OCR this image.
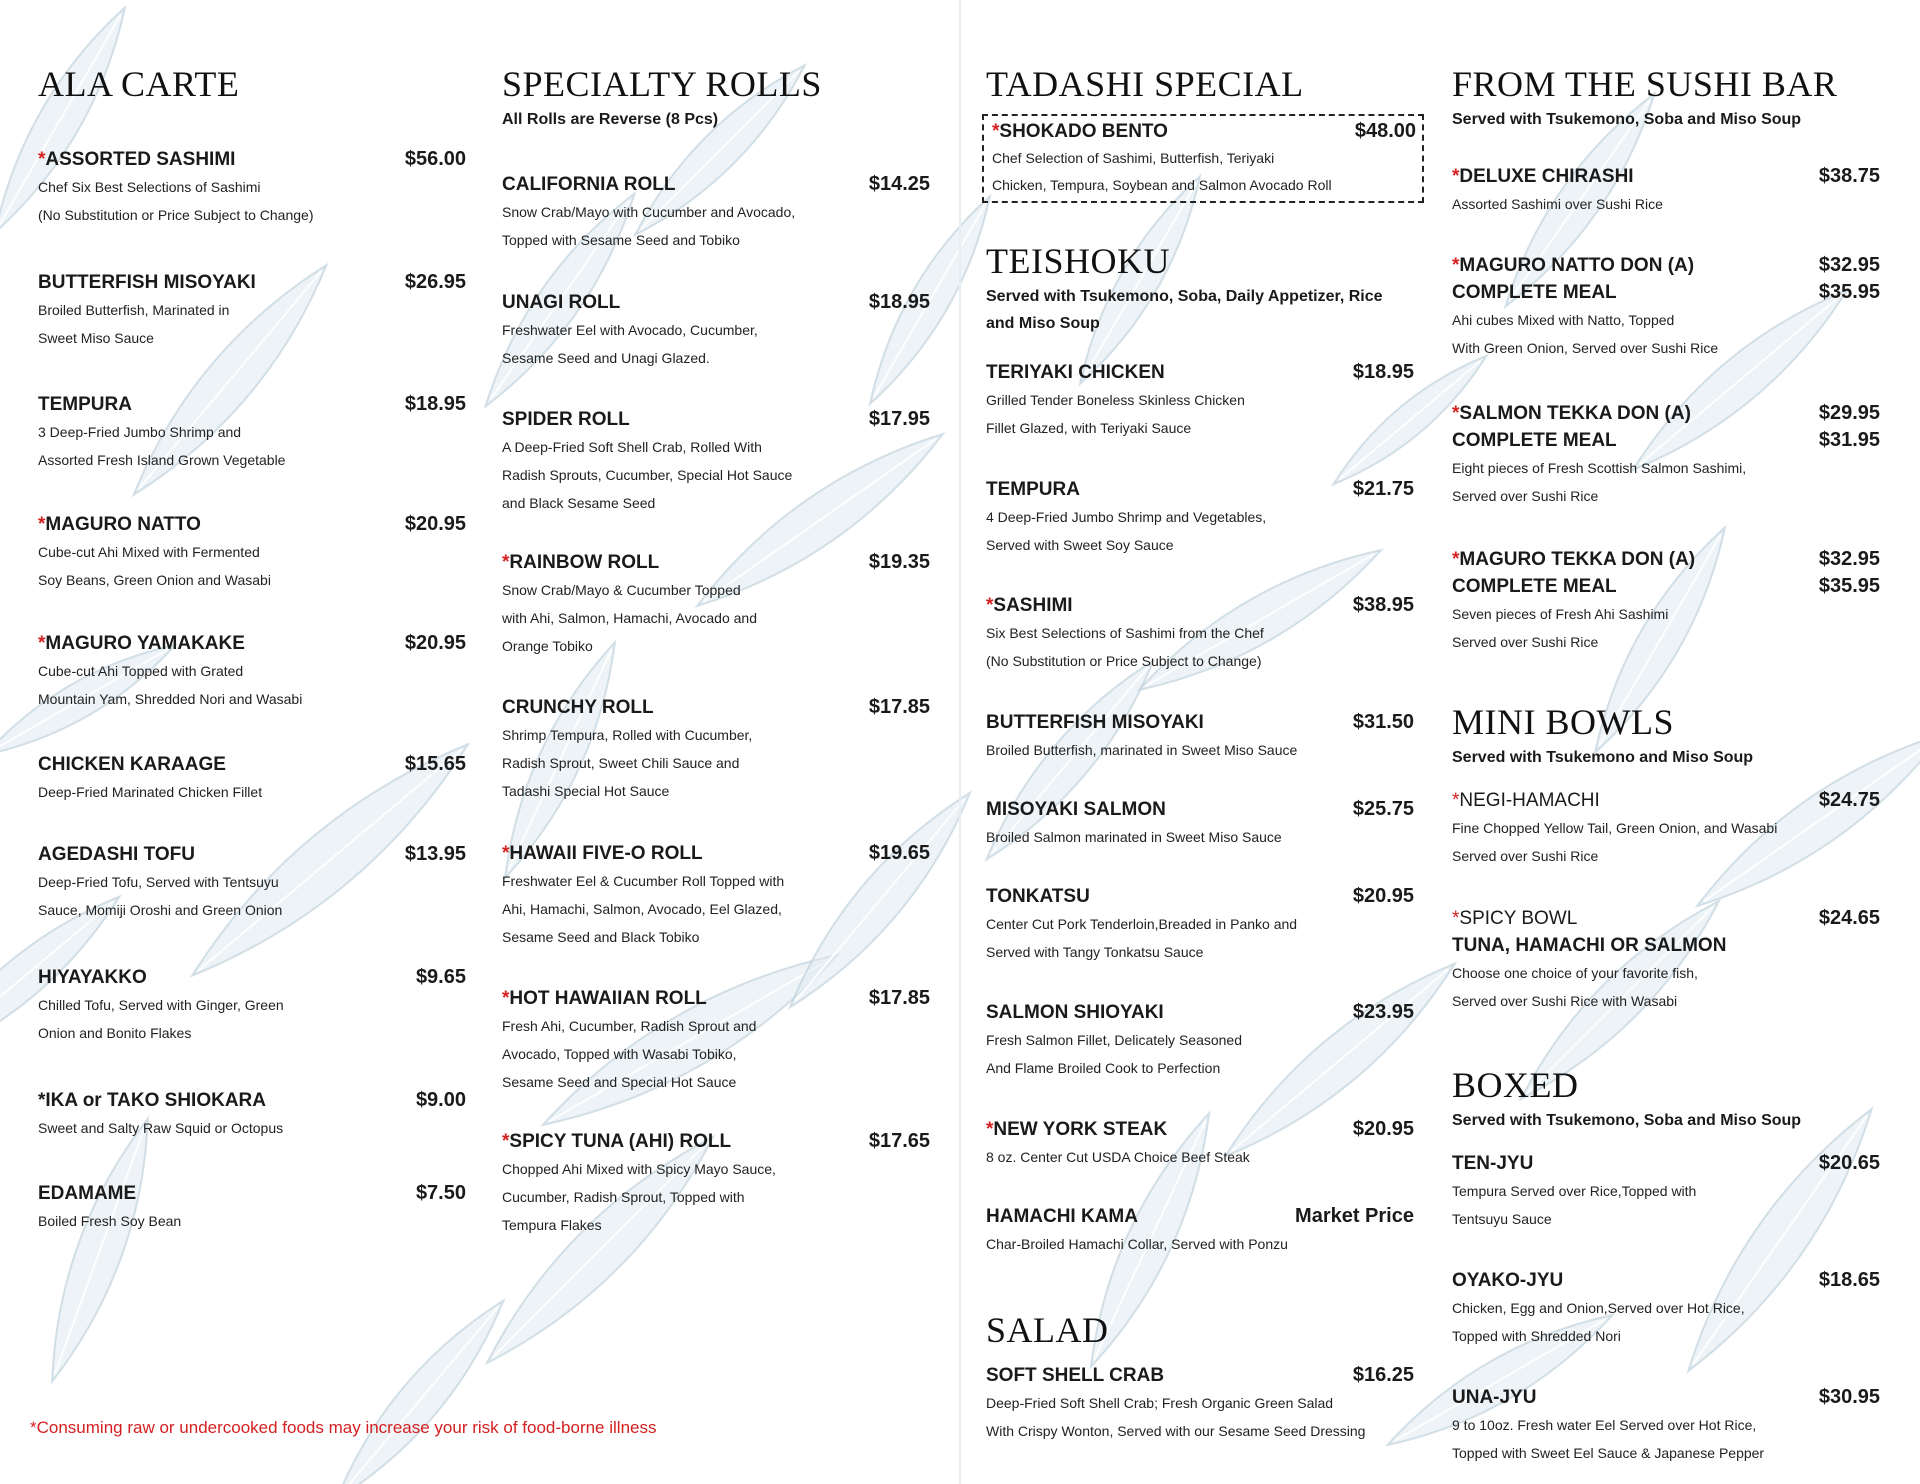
ALA CARTE
*ASSORTED SASHIMI	$56.00
Chef Six Best Selections of Sashimi
(No Substitution or Price Subject to Change)
BUTTERFISH MISOYAKI	$26.95
Broiled Butterfish, Marinated in
Sweet Miso Sauce
TEMPURA	$18.95
3 Deep-Fried Jumbo Shrimp and
Assorted Fresh Island Grown Vegetable
*MAGURO NATTO	$20.95
Cube-cut Ahi Mixed with Fermented
Soy Beans, Green Onion and Wasabi
*MAGURO YAMAKAKE	$20.95
Cube-cut Ahi Topped with Grated
Mountain Yam, Shredded Nori and Wasabi
CHICKEN KARAAGE	$15.65
Deep-Fried Marinated Chicken Fillet
AGEDASHI TOFU	$13.95
Deep-Fried Tofu, Served with Tentsuyu
Sauce, Momiji Oroshi and Green Onion
HIYAYAKKO	$9.65
Chilled Tofu, Served with Ginger, Green
Onion and Bonito Flakes
*IKA or TAKO SHIOKARA	$9.00
Sweet and Salty Raw Squid or Octopus
EDAMAME	$7.50
Boiled Fresh Soy Bean
SPECIALTY ROLLS
All Rolls are Reverse (8 Pcs)
CALIFORNIA ROLL	$14.25
Snow Crab/Mayo with Cucumber and Avocado,
Topped with Sesame Seed and Tobiko
UNAGI ROLL	$18.95
Freshwater Eel with Avocado, Cucumber,
Sesame Seed and Unagi Glazed.
SPIDER ROLL	$17.95
A Deep-Fried Soft Shell Crab, Rolled With
Radish Sprouts, Cucumber, Special Hot Sauce
and Black Sesame Seed
*RAINBOW ROLL	$19.35
Snow Crab/Mayo & Cucumber Topped
with Ahi, Salmon, Hamachi, Avocado and
Orange Tobiko
CRUNCHY ROLL	$17.85
Shrimp Tempura, Rolled with Cucumber,
Radish Sprout, Sweet Chili Sauce and
Tadashi Special Hot Sauce
*HAWAII FIVE-O ROLL	$19.65
Freshwater Eel & Cucumber Roll Topped with
Ahi, Hamachi, Salmon, Avocado, Eel Glazed,
Sesame Seed and Black Tobiko
*HOT HAWAIIAN ROLL	$17.85
Fresh Ahi, Cucumber, Radish Sprout and
Avocado, Topped with Wasabi Tobiko,
Sesame Seed and Special Hot Sauce
*SPICY TUNA (AHI) ROLL	$17.65
Chopped Ahi Mixed with Spicy Mayo Sauce,
Cucumber, Radish Sprout, Topped with
Tempura Flakes
TADASHI SPECIAL
*SHOKADO BENTO	$48.00
Chef Selection of Sashimi, Butterfish, Teriyaki
Chicken, Tempura, Soybean and Salmon Avocado Roll
TEISHOKU
Served with Tsukemono, Soba, Daily Appetizer, Rice and Miso Soup
TERIYAKI CHICKEN	$18.95
Grilled Tender Boneless Skinless Chicken
Fillet Glazed, with Teriyaki Sauce
TEMPURA	$21.75
4 Deep-Fried Jumbo Shrimp and Vegetables,
Served with Sweet Soy Sauce
*SASHIMI	$38.95
Six Best Selections of Sashimi from the Chef
(No Substitution or Price Subject to Change)
BUTTERFISH MISOYAKI	$31.50
Broiled Butterfish, marinated in Sweet Miso Sauce
MISOYAKI SALMON	$25.75
Broiled Salmon marinated in Sweet Miso Sauce
TONKATSU	$20.95
Center Cut Pork Tenderloin,Breaded in Panko and
Served with Tangy Tonkatsu Sauce
SALMON SHIOYAKI	$23.95
Fresh Salmon Fillet, Delicately Seasoned
And Flame Broiled Cook to Perfection
*NEW YORK STEAK	$20.95
8 oz. Center Cut USDA Choice Beef Steak
HAMACHI KAMA	Market Price
Char-Broiled Hamachi Collar, Served with Ponzu
SALAD
SOFT SHELL CRAB	$16.25
Deep-Fried Soft Shell Crab; Fresh Organic Green Salad
With Crispy Wonton, Served with our Sesame Seed Dressing
FROM THE SUSHI BAR
Served with Tsukemono, Soba and Miso Soup
*DELUXE CHIRASHI	$38.75
Assorted Sashimi over Sushi Rice
*MAGURO NATTO DON (A)	$32.95
COMPLETE MEAL	$35.95
Ahi cubes Mixed with Natto, Topped
With Green Onion, Served over Sushi Rice
*SALMON TEKKA DON (A)	$29.95
COMPLETE MEAL	$31.95
Eight pieces of Fresh Scottish Salmon Sashimi,
Served over Sushi Rice
*MAGURO TEKKA DON (A)	$32.95
COMPLETE MEAL	$35.95
Seven pieces of Fresh Ahi Sashimi
Served over Sushi Rice
MINI BOWLS
Served with Tsukemono and Miso Soup
*NEGI-HAMACHI	$24.75
Fine Chopped Yellow Tail, Green Onion, and Wasabi
Served over Sushi Rice
*SPICY BOWL	$24.65
TUNA, HAMACHI OR SALMON
Choose one choice of your favorite fish,
Served over Sushi Rice with Wasabi
BOXED
Served with Tsukemono, Soba and Miso Soup
TEN-JYU	$20.65
Tempura Served over Rice,Topped with
Tentsuyu Sauce
OYAKO-JYU	$18.65
Chicken, Egg and Onion,Served over Hot Rice,
Topped with Shredded Nori
UNA-JYU	$30.95
9 to 10oz. Fresh water Eel Served over Hot Rice,
Topped with Sweet Eel Sauce & Japanese Pepper
*Consuming raw or undercooked foods may increase your risk of food-borne illness
